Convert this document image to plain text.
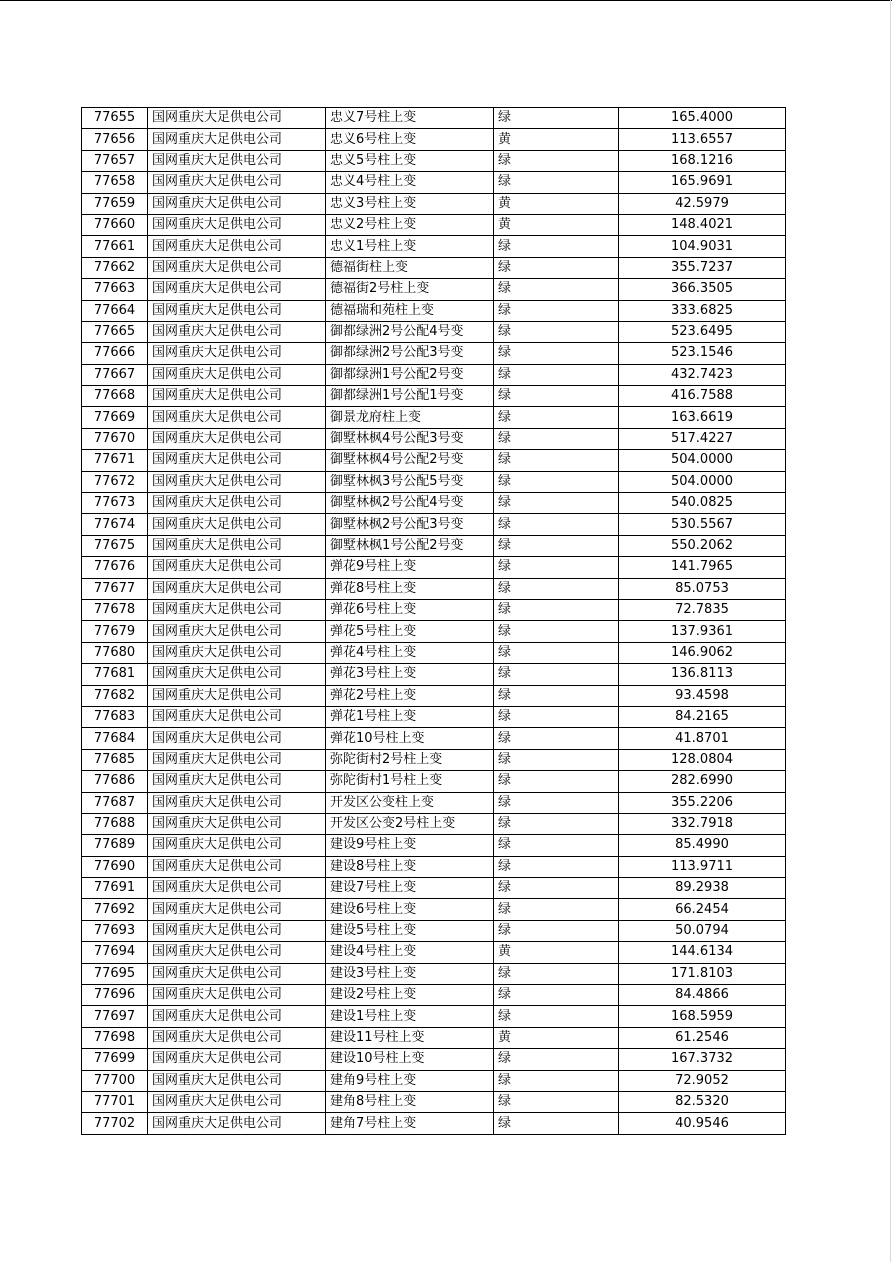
77655	国网重庆大足供电公司	忠义7号柱上变	绿	165.4000
77656	国网重庆大足供电公司	忠义6号柱上变	黄	113.6557
77657	国网重庆大足供电公司	忠义5号柱上变	绿	168.1216
77658	国网重庆大足供电公司	忠义4号柱上变	绿	165.9691
77659	国网重庆大足供电公司	忠义3号柱上变	黄	42.5979
77660	国网重庆大足供电公司	忠义2号柱上变	黄	148.4021
77661	国网重庆大足供电公司	忠义1号柱上变	绿	104.9031
77662	国网重庆大足供电公司	德福街柱上变	绿	355.7237
77663	国网重庆大足供电公司	德福街2号柱上变	绿	366.3505
77664	国网重庆大足供电公司	德福瑞和苑柱上变	绿	333.6825
77665	国网重庆大足供电公司	御都绿洲2号公配4号变	绿	523.6495
77666	国网重庆大足供电公司	御都绿洲2号公配3号变	绿	523.1546
77667	国网重庆大足供电公司	御都绿洲1号公配2号变	绿	432.7423
77668	国网重庆大足供电公司	御都绿洲1号公配1号变	绿	416.7588
77669	国网重庆大足供电公司	御景龙府柱上变	绿	163.6619
77670	国网重庆大足供电公司	御墅林枫4号公配3号变	绿	517.4227
77671	国网重庆大足供电公司	御墅林枫4号公配2号变	绿	504.0000
77672	国网重庆大足供电公司	御墅林枫3号公配5号变	绿	504.0000
77673	国网重庆大足供电公司	御墅林枫2号公配4号变	绿	540.0825
77674	国网重庆大足供电公司	御墅林枫2号公配3号变	绿	530.5567
77675	国网重庆大足供电公司	御墅林枫1号公配2号变	绿	550.2062
77676	国网重庆大足供电公司	弹花9号柱上变	绿	141.7965
77677	国网重庆大足供电公司	弹花8号柱上变	绿	85.0753
77678	国网重庆大足供电公司	弹花6号柱上变	绿	72.7835
77679	国网重庆大足供电公司	弹花5号柱上变	绿	137.9361
77680	国网重庆大足供电公司	弹花4号柱上变	绿	146.9062
77681	国网重庆大足供电公司	弹花3号柱上变	绿	136.8113
77682	国网重庆大足供电公司	弹花2号柱上变	绿	93.4598
77683	国网重庆大足供电公司	弹花1号柱上变	绿	84.2165
77684	国网重庆大足供电公司	弹花10号柱上变	绿	41.8701
77685	国网重庆大足供电公司	弥陀街村2号柱上变	绿	128.0804
77686	国网重庆大足供电公司	弥陀街村1号柱上变	绿	282.6990
77687	国网重庆大足供电公司	开发区公变柱上变	绿	355.2206
77688	国网重庆大足供电公司	开发区公变2号柱上变	绿	332.7918
77689	国网重庆大足供电公司	建设9号柱上变	绿	85.4990
77690	国网重庆大足供电公司	建设8号柱上变	绿	113.9711
77691	国网重庆大足供电公司	建设7号柱上变	绿	89.2938
77692	国网重庆大足供电公司	建设6号柱上变	绿	66.2454
77693	国网重庆大足供电公司	建设5号柱上变	绿	50.0794
77694	国网重庆大足供电公司	建设4号柱上变	黄	144.6134
77695	国网重庆大足供电公司	建设3号柱上变	绿	171.8103
77696	国网重庆大足供电公司	建设2号柱上变	绿	84.4866
77697	国网重庆大足供电公司	建设1号柱上变	绿	168.5959
77698	国网重庆大足供电公司	建设11号柱上变	黄	61.2546
77699	国网重庆大足供电公司	建设10号柱上变	绿	167.3732
77700	国网重庆大足供电公司	建角9号柱上变	绿	72.9052
77701	国网重庆大足供电公司	建角8号柱上变	绿	82.5320
77702	国网重庆大足供电公司	建角7号柱上变	绿	40.9546
